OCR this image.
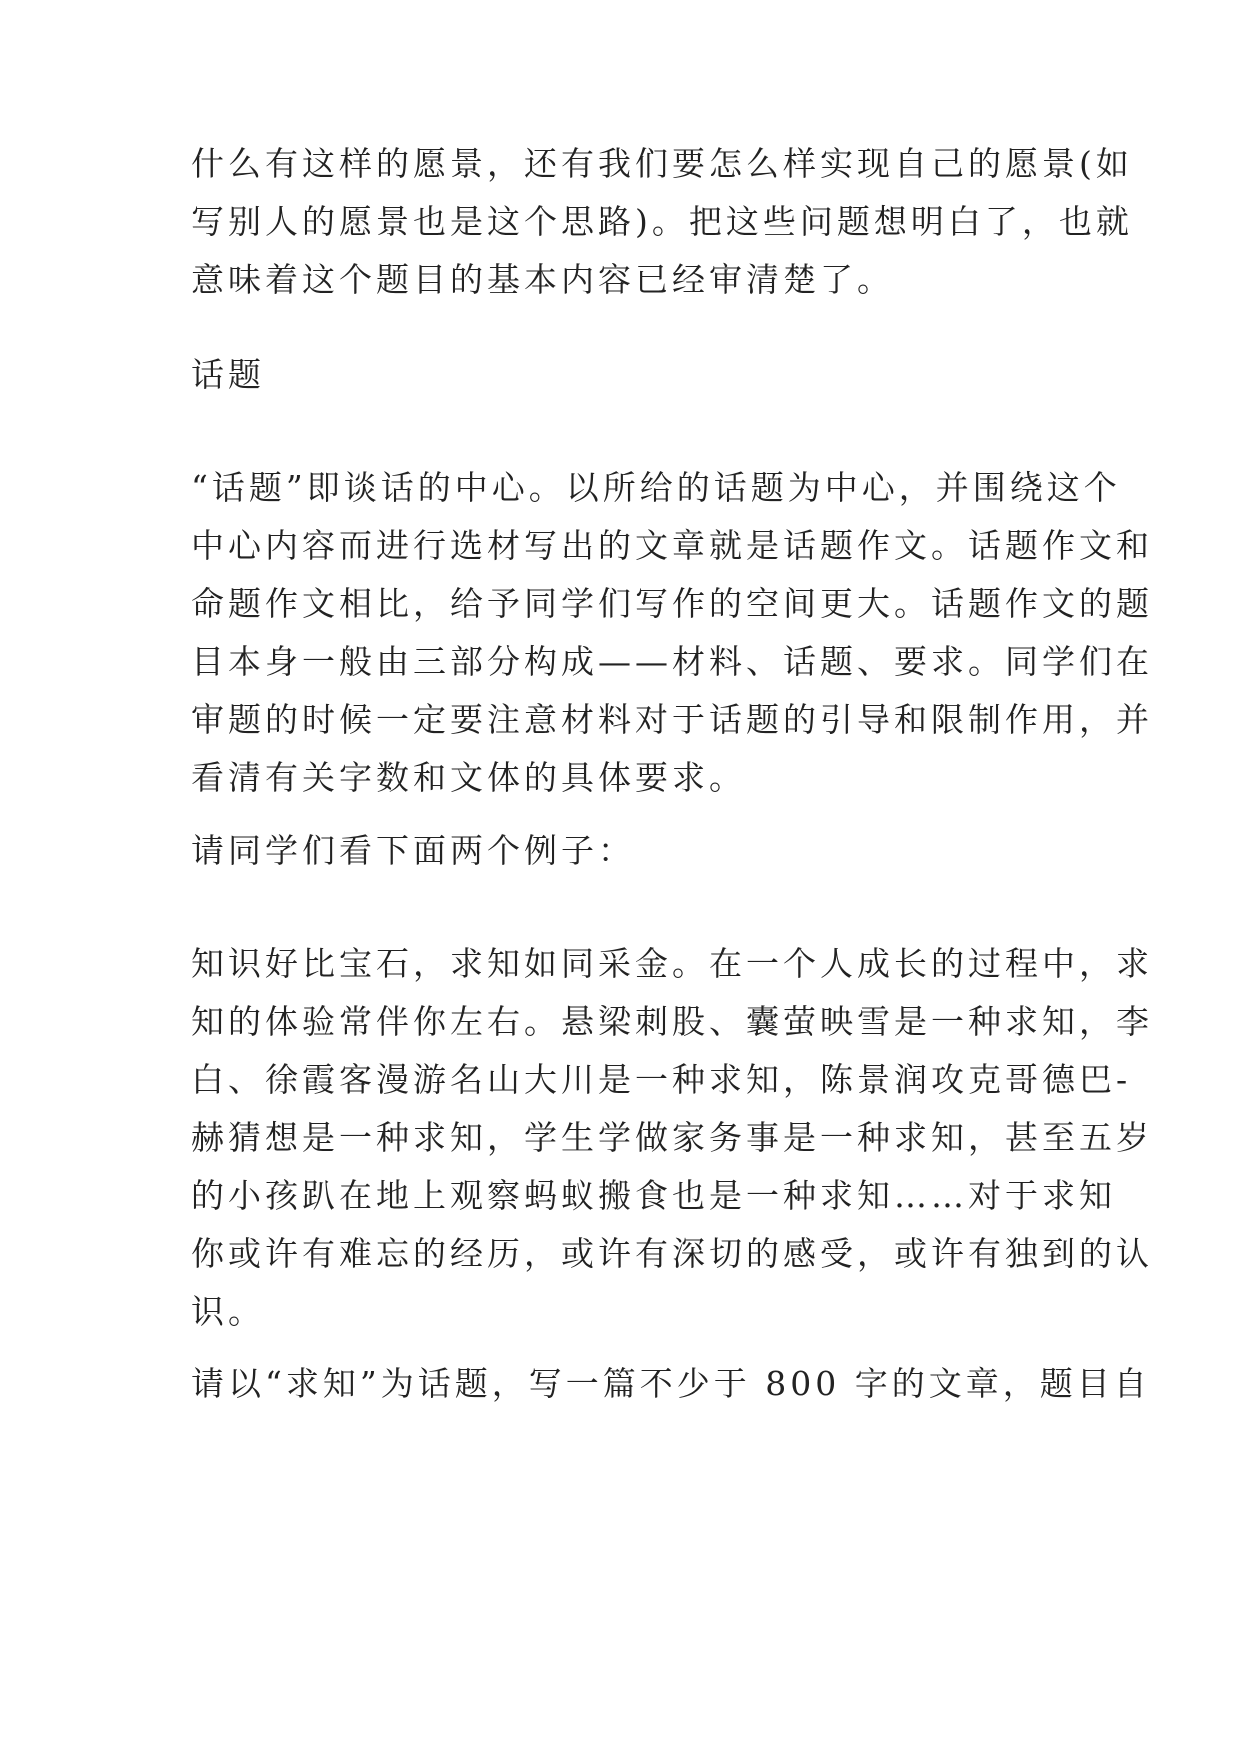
什么有这样的愿景，还有我们要怎么样实现自己的愿景(如
写别人的愿景也是这个思路)。把这些问题想明白了，也就
意味着这个题目的基本内容已经审清楚了。
话题
“话题”即谈话的中心。以所给的话题为中心，并围绕这个
中心内容而进行选材写出的文章就是话题作文。话题作文和
命题作文相比，给予同学们写作的空间更大。话题作文的题
目本身一般由三部分构成——材料、话题、要求。同学们在
审题的时候一定要注意材料对于话题的引导和限制作用，并
看清有关字数和文体的具体要求。
请同学们看下面两个例子：
知识好比宝石，求知如同采金。在一个人成长的过程中，求
知的体验常伴你左右。悬梁刺股、囊萤映雪是一种求知，李
白、徐霞客漫游名山大川是一种求知，陈景润攻克哥德巴-
赫猜想是一种求知，学生学做家务事是一种求知，甚至五岁
的小孩趴在地上观察蚂蚁搬食也是一种求知……对于求知
你或许有难忘的经历，或许有深切的感受，或许有独到的认
识。
请以“求知”为话题，写一篇不少于 800 字的文章，题目自
